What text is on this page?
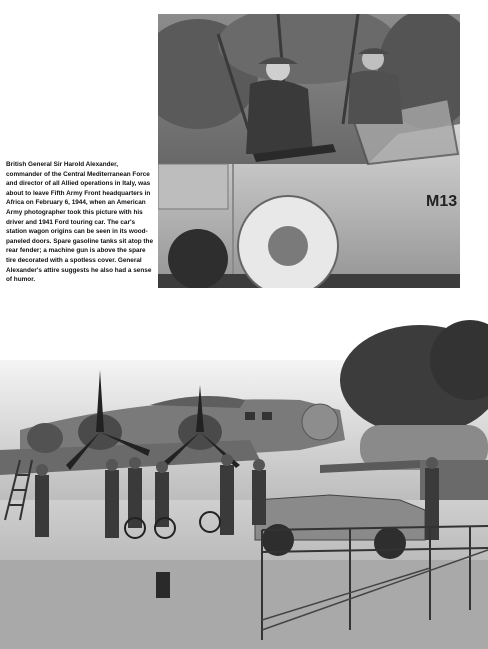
M13
British General Sir Harold Alexander, commander of the Central Mediterranean Force and director of all Allied operations in Italy, was about to leave Fifth Army Front headquarters in Africa on February 6, 1944, when an American Army photographer took this picture with his driver and 1941 Ford touring car. The car's station wagon origins can be seen in its wood-paneled doors. Spare gasoline tanks sit atop the rear fender; a machine gun is above the spare tire decorated with a spotless cover. General Alexander's attire suggests he also had a sense of humor.
